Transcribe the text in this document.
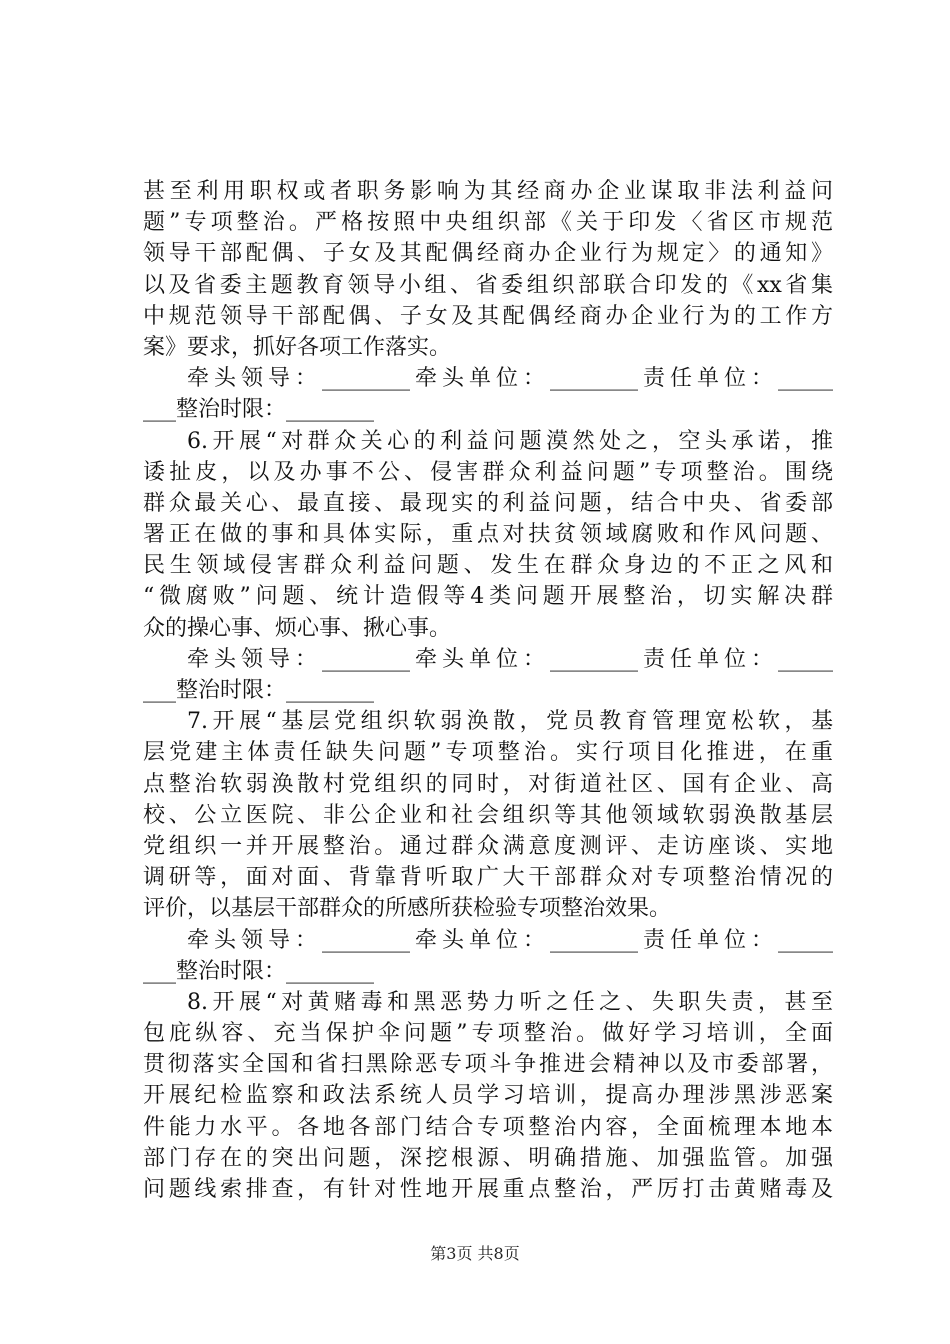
甚至利用职权或者职务影响为其经商办企业谋取非法利益问
题”专项整治。严格按照中央组织部《关于印发〈省区市规范
领导干部配偶、子女及其配偶经商办企业行为规定〉的通知》
以及省委主题教育领导小组、省委组织部联合印发的《xx省集
中规范领导干部配偶、子女及其配偶经商办企业行为的工作方
案》要求，抓好各项工作落实。
牵头领导：________牵头单位：________责任单位：_____
___整治时限：________
6.开展“对群众关心的利益问题漠然处之，空头承诺，推
诿扯皮，以及办事不公、侵害群众利益问题”专项整治。围绕
群众最关心、最直接、最现实的利益问题，结合中央、省委部
署正在做的事和具体实际，重点对扶贫领域腐败和作风问题、
民生领域侵害群众利益问题、发生在群众身边的不正之风和
“微腐败”问题、统计造假等4类问题开展整治，切实解决群
众的操心事、烦心事、揪心事。
牵头领导：________牵头单位：________责任单位：_____
___整治时限：________
7.开展“基层党组织软弱涣散，党员教育管理宽松软，基
层党建主体责任缺失问题”专项整治。实行项目化推进，在重
点整治软弱涣散村党组织的同时，对街道社区、国有企业、高
校、公立医院、非公企业和社会组织等其他领域软弱涣散基层
党组织一并开展整治。通过群众满意度测评、走访座谈、实地
调研等，面对面、背靠背听取广大干部群众对专项整治情况的
评价，以基层干部群众的所感所获检验专项整治效果。
牵头领导：________牵头单位：________责任单位：_____
___整治时限：________
8.开展“对黄赌毒和黑恶势力听之任之、失职失责，甚至
包庇纵容、充当保护伞问题”专项整治。做好学习培训，全面
贯彻落实全国和省扫黑除恶专项斗争推进会精神以及市委部署，
开展纪检监察和政法系统人员学习培训，提高办理涉黑涉恶案
件能力水平。各地各部门结合专项整治内容，全面梳理本地本
部门存在的突出问题，深挖根源、明确措施、加强监管。加强
问题线索排查，有针对性地开展重点整治，严厉打击黄赌毒及
第3页 共8页
